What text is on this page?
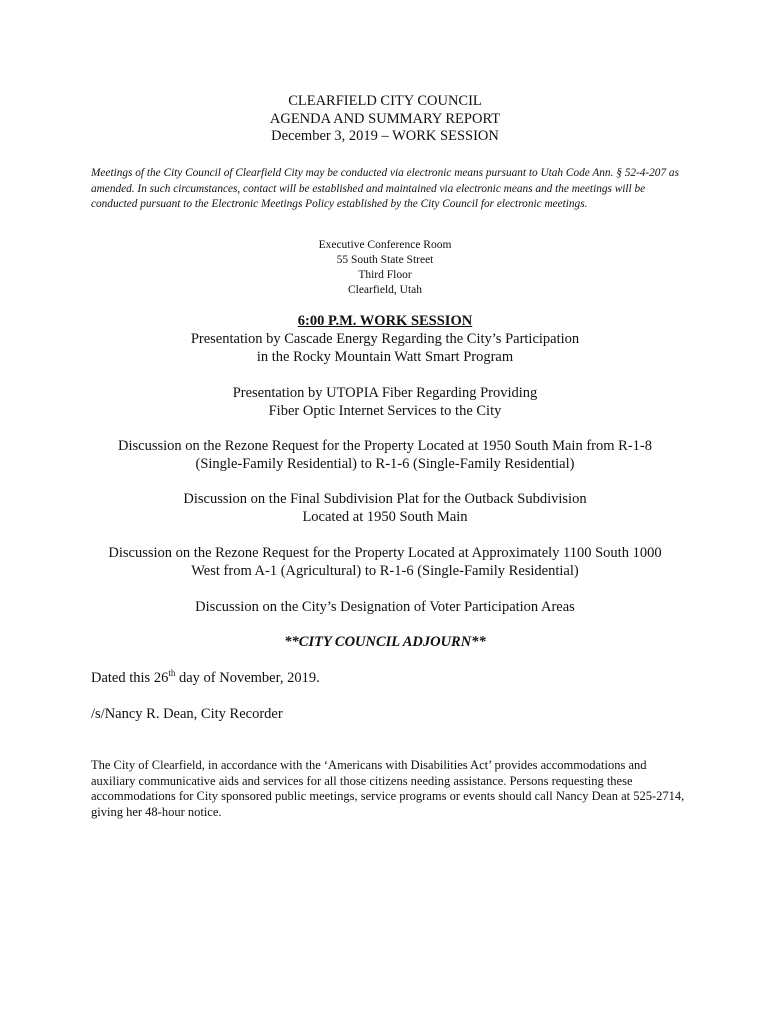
CLEARFIELD CITY COUNCIL
AGENDA AND SUMMARY REPORT
December 3, 2019 – WORK SESSION
Meetings of the City Council of Clearfield City may be conducted via electronic means pursuant to Utah Code Ann. § 52-4-207 as amended. In such circumstances, contact will be established and maintained via electronic means and the meetings will be conducted pursuant to the Electronic Meetings Policy established by the City Council for electronic meetings.
Executive Conference Room
55 South State Street
Third Floor
Clearfield, Utah
6:00 P.M. WORK SESSION
Presentation by Cascade Energy Regarding the City’s Participation
in the Rocky Mountain Watt Smart Program
Presentation by UTOPIA Fiber Regarding Providing
Fiber Optic Internet Services to the City
Discussion on the Rezone Request for the Property Located at 1950 South Main from R-1-8
(Single-Family Residential) to R-1-6 (Single-Family Residential)
Discussion on the Final Subdivision Plat for the Outback Subdivision
Located at 1950 South Main
Discussion on the Rezone Request for the Property Located at Approximately 1100 South 1000
West from A-1 (Agricultural) to R-1-6 (Single-Family Residential)
Discussion on the City’s Designation of Voter Participation Areas
**CITY COUNCIL ADJOURN**
Dated this 26th day of November, 2019.
/s/Nancy R. Dean, City Recorder
The City of Clearfield, in accordance with the ‘Americans with Disabilities Act’ provides accommodations and auxiliary communicative aids and services for all those citizens needing assistance. Persons requesting these accommodations for City sponsored public meetings, service programs or events should call Nancy Dean at 525-2714, giving her 48-hour notice.
